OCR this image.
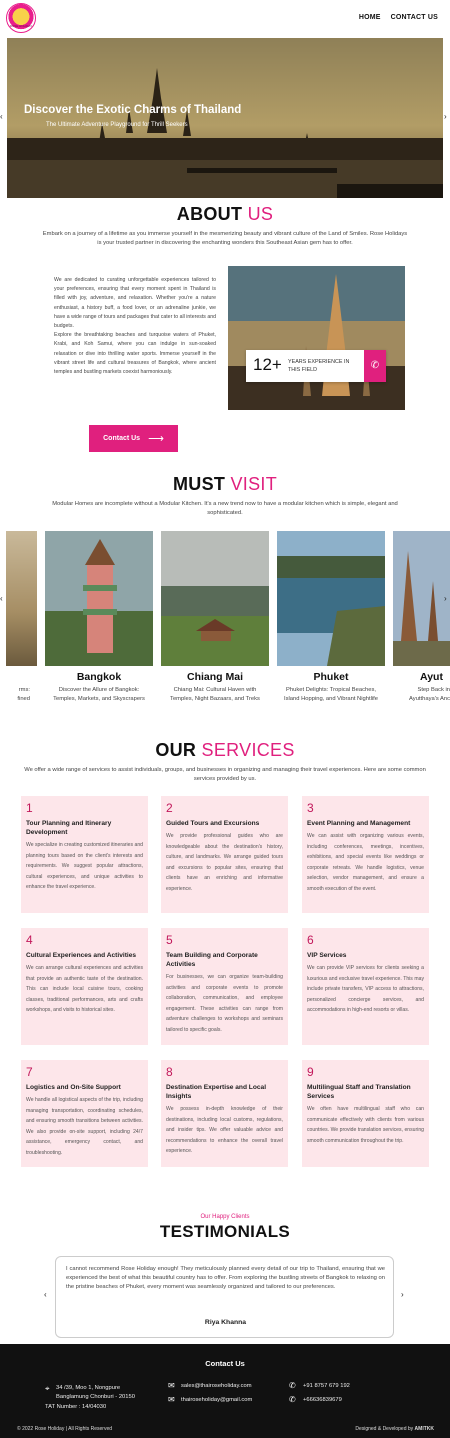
ROSE HOLIDAY
HOME CONTACT US
Discover the Exotic Charms of Thailand
The Ultimate Adventure Playground for Thrill Seekers
‹	›
ABOUT US
Embark on a journey of a lifetime as you immerse yourself in the mesmerizing beauty and vibrant culture of the Land of Smiles. Rose Holidays is your trusted partner in discovering the enchanting wonders this Southeast Asian gem has to offer.

We are dedicated to curating unforgettable experiences tailored to your preferences, ensuring that every moment spent in Thailand is filled with joy, adventure, and relaxation. Whether you're a nature enthusiast, a history buff, a food lover, or an adrenaline junkie, we have a wide range of tours and packages that cater to all interests and budgets.

Explore the breathtaking beaches and turquoise waters of Phuket, Krabi, and Koh Samui, where you can indulge in sun-soaked relaxation or dive into thrilling water sports. Immerse yourself in the vibrant street life and cultural treasures of Bangkok, where ancient temples and bustling markets coexist harmoniously.	12+ YEARS EXPERIENCE IN THIS FIELD	✆
Contact Us ⟶
MUST VISIT
Modular Homes are incomplete without a Modular Kitchen. It's a new trend now to have a modular kitchen which is simple, elegant and sophisticated.
rms:
fined
Bangkok
Discover the Allure of Bangkok: Temples, Markets, and Skyscrapers
Chiang Mai
Chiang Mai: Cultural Haven with Temples, Night Bazaars, and Treks
Phuket
Phuket Delights: Tropical Beaches, Island Hopping, and Vibrant Nightlife
Ayut
Step Back in Ayutthaya's Anc
‹	›
OUR SERVICES
We offer a wide range of services to assist individuals, groups, and businesses in organizing and managing their travel experiences. Here are some common services provided by us.
1
Tour Planning and Itinerary Development
We specialize in creating customized itineraries and planning tours based on the client's interests and requirements. We suggest popular attractions, cultural experiences, and unique activities to enhance the travel experience.
2
Guided Tours and Excursions
We provide professional guides who are knowledgeable about the destination's history, culture, and landmarks. We arrange guided tours and excursions to popular sites, ensuring that clients have an enriching and informative experience.
3
Event Planning and Management
We can assist with organizing various events, including conferences, meetings, incentives, exhibitions, and special events like weddings or corporate retreats. We handle logistics, venue selection, vendor management, and ensure a smooth execution of the event.
4
Cultural Experiences and Activities
We can arrange cultural experiences and activities that provide an authentic taste of the destination. This can include local cuisine tours, cooking classes, traditional performances, arts and crafts workshops, and visits to historical sites.
5
Team Building and Corporate Activities
For businesses, we can organize team-building activities and corporate events to promote collaboration, communication, and employee engagement. These activities can range from adventure challenges to workshops and seminars tailored to specific goals.
6
VIP Services
We can provide VIP services for clients seeking a luxurious and exclusive travel experience. This may include private transfers, VIP access to attractions, personalized concierge services, and accommodations in high-end resorts or villas.
7
Logistics and On-Site Support
We handle all logistical aspects of the trip, including managing transportation, coordinating schedules, and ensuring smooth transitions between activities. We also provide on-site support, including 24/7 assistance, emergency contact, and troubleshooting.
8
Destination Expertise and Local Insights
We possess in-depth knowledge of their destinations, including local customs, regulations, and insider tips. We offer valuable advice and recommendations to enhance the overall travel experience.
9
Multilingual Staff and Translation Services
We often have multilingual staff who can communicate effectively with clients from various countries. We provide translation services, ensuring smooth communication throughout the trip.
Our Happy Clients
TESTIMONIALS
I cannot recommend Rose Holiday enough! They meticulously planned every detail of our trip to Thailand, ensuring that we experienced the best of what this beautiful country has to offer. From exploring the bustling streets of Bangkok to relaxing on the pristine beaches of Phuket, every moment was seamlessly organized and tailored to our preferences.
Riya Khanna
‹	›
Contact Us
⌖ 34 /39, Moo 1, Nongpure
Banglamung Chonburi - 20150
TAT Number : 14/04030
✉ sales@thairoseholiday.com
✉ thairoseholiday@gmail.com
✆ +91 8757 679 192
✆ +66636839679
© 2022 Rose Holiday | All Rights Reserved	Designed & Developed by AMITKK
